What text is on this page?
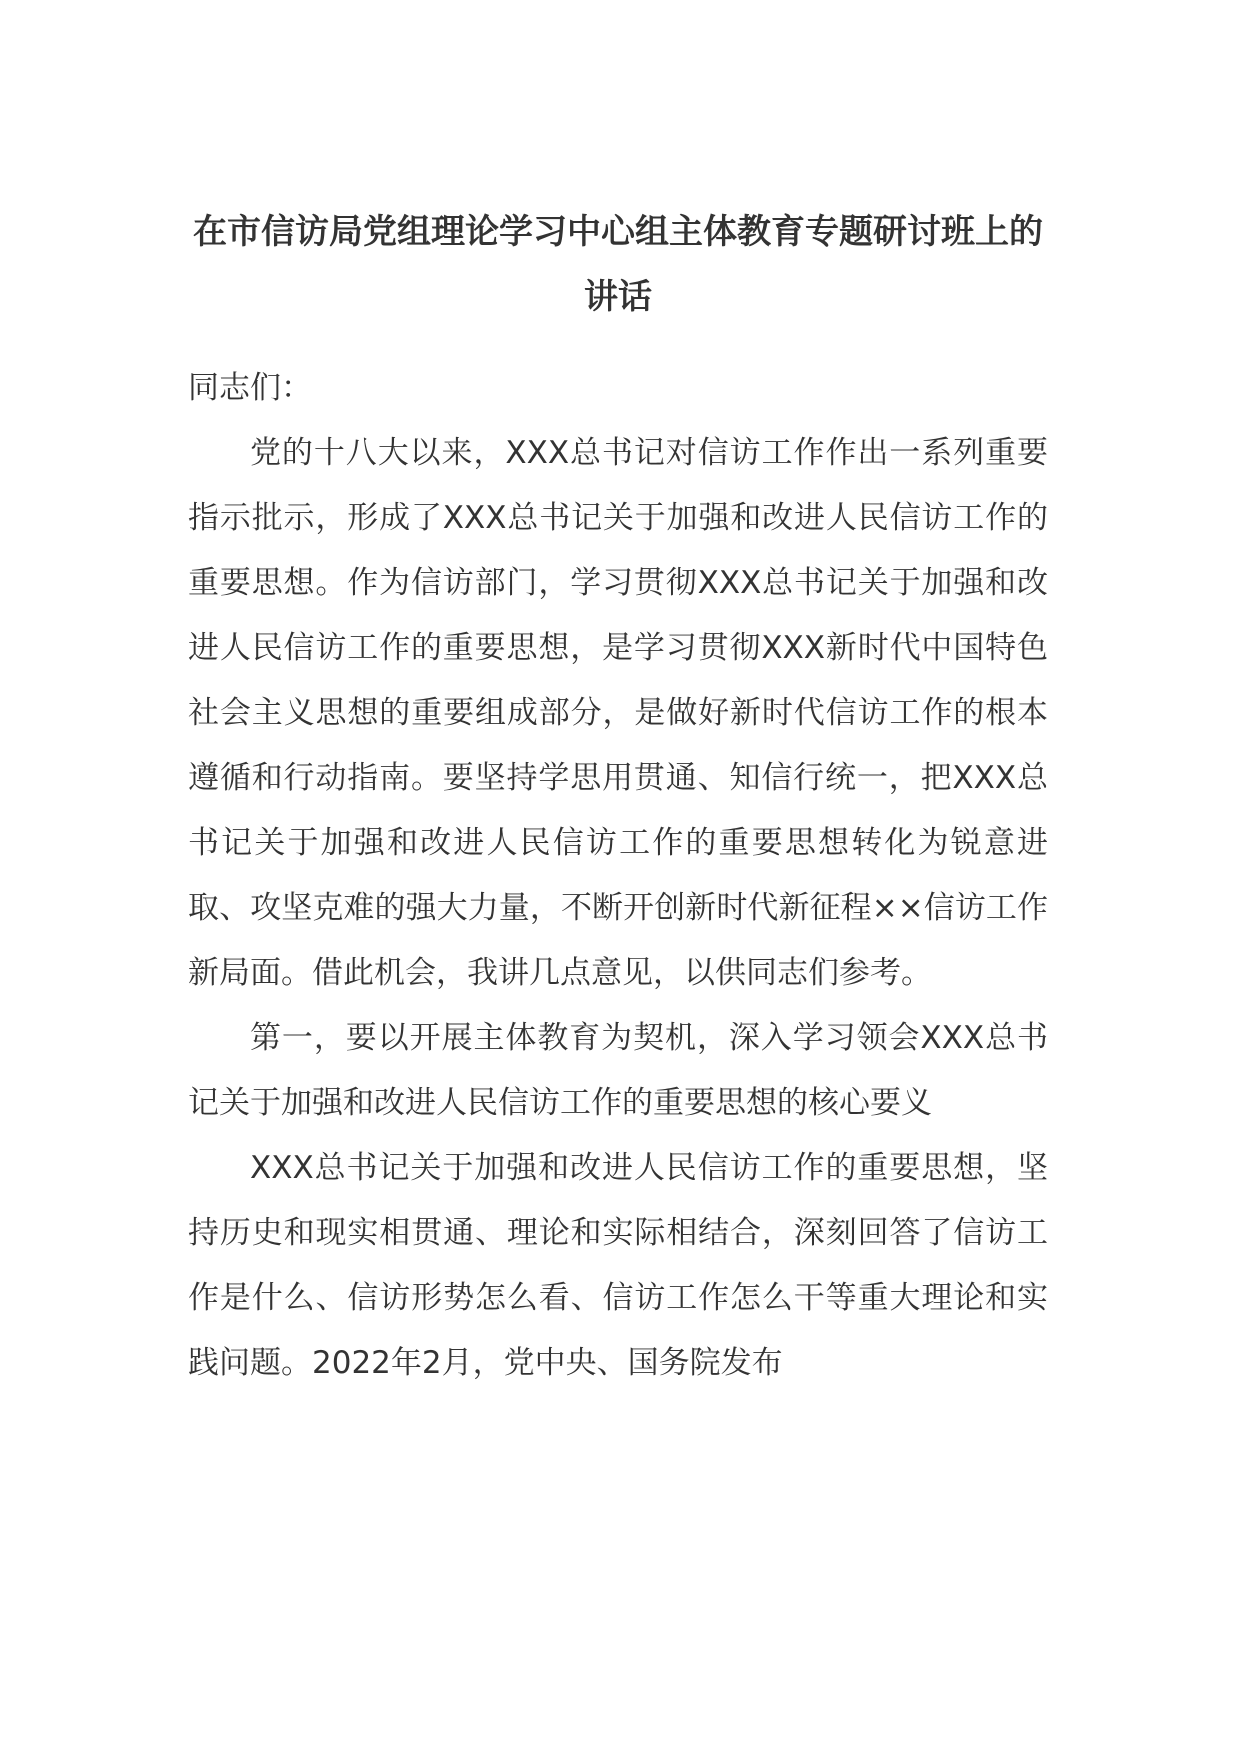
在市信访局党组理论学习中心组主体教育专题研讨班上的
讲话

同志们：

党的十八大以来，XXX总书记对信访工作作出一系列重要指示批示，形成了XXX总书记关于加强和改进人民信访工作的重要思想。作为信访部门，学习贯彻XXX总书记关于加强和改进人民信访工作的重要思想，是学习贯彻XXX新时代中国特色社会主义思想的重要组成部分，是做好新时代信访工作的根本遵循和行动指南。要坚持学思用贯通、知信行统一，把XXX总书记关于加强和改进人民信访工作的重要思想转化为锐意进取、攻坚克难的强大力量，不断开创新时代新征程××信访工作新局面。借此机会，我讲几点意见，以供同志们参考。

第一，要以开展主体教育为契机，深入学习领会XXX总书记关于加强和改进人民信访工作的重要思想的核心要义

XXX总书记关于加强和改进人民信访工作的重要思想，坚持历史和现实相贯通、理论和实际相结合，深刻回答了信访工作是什么、信访形势怎么看、信访工作怎么干等重大理论和实践问题。2022年2月，党中央、国务院发布
